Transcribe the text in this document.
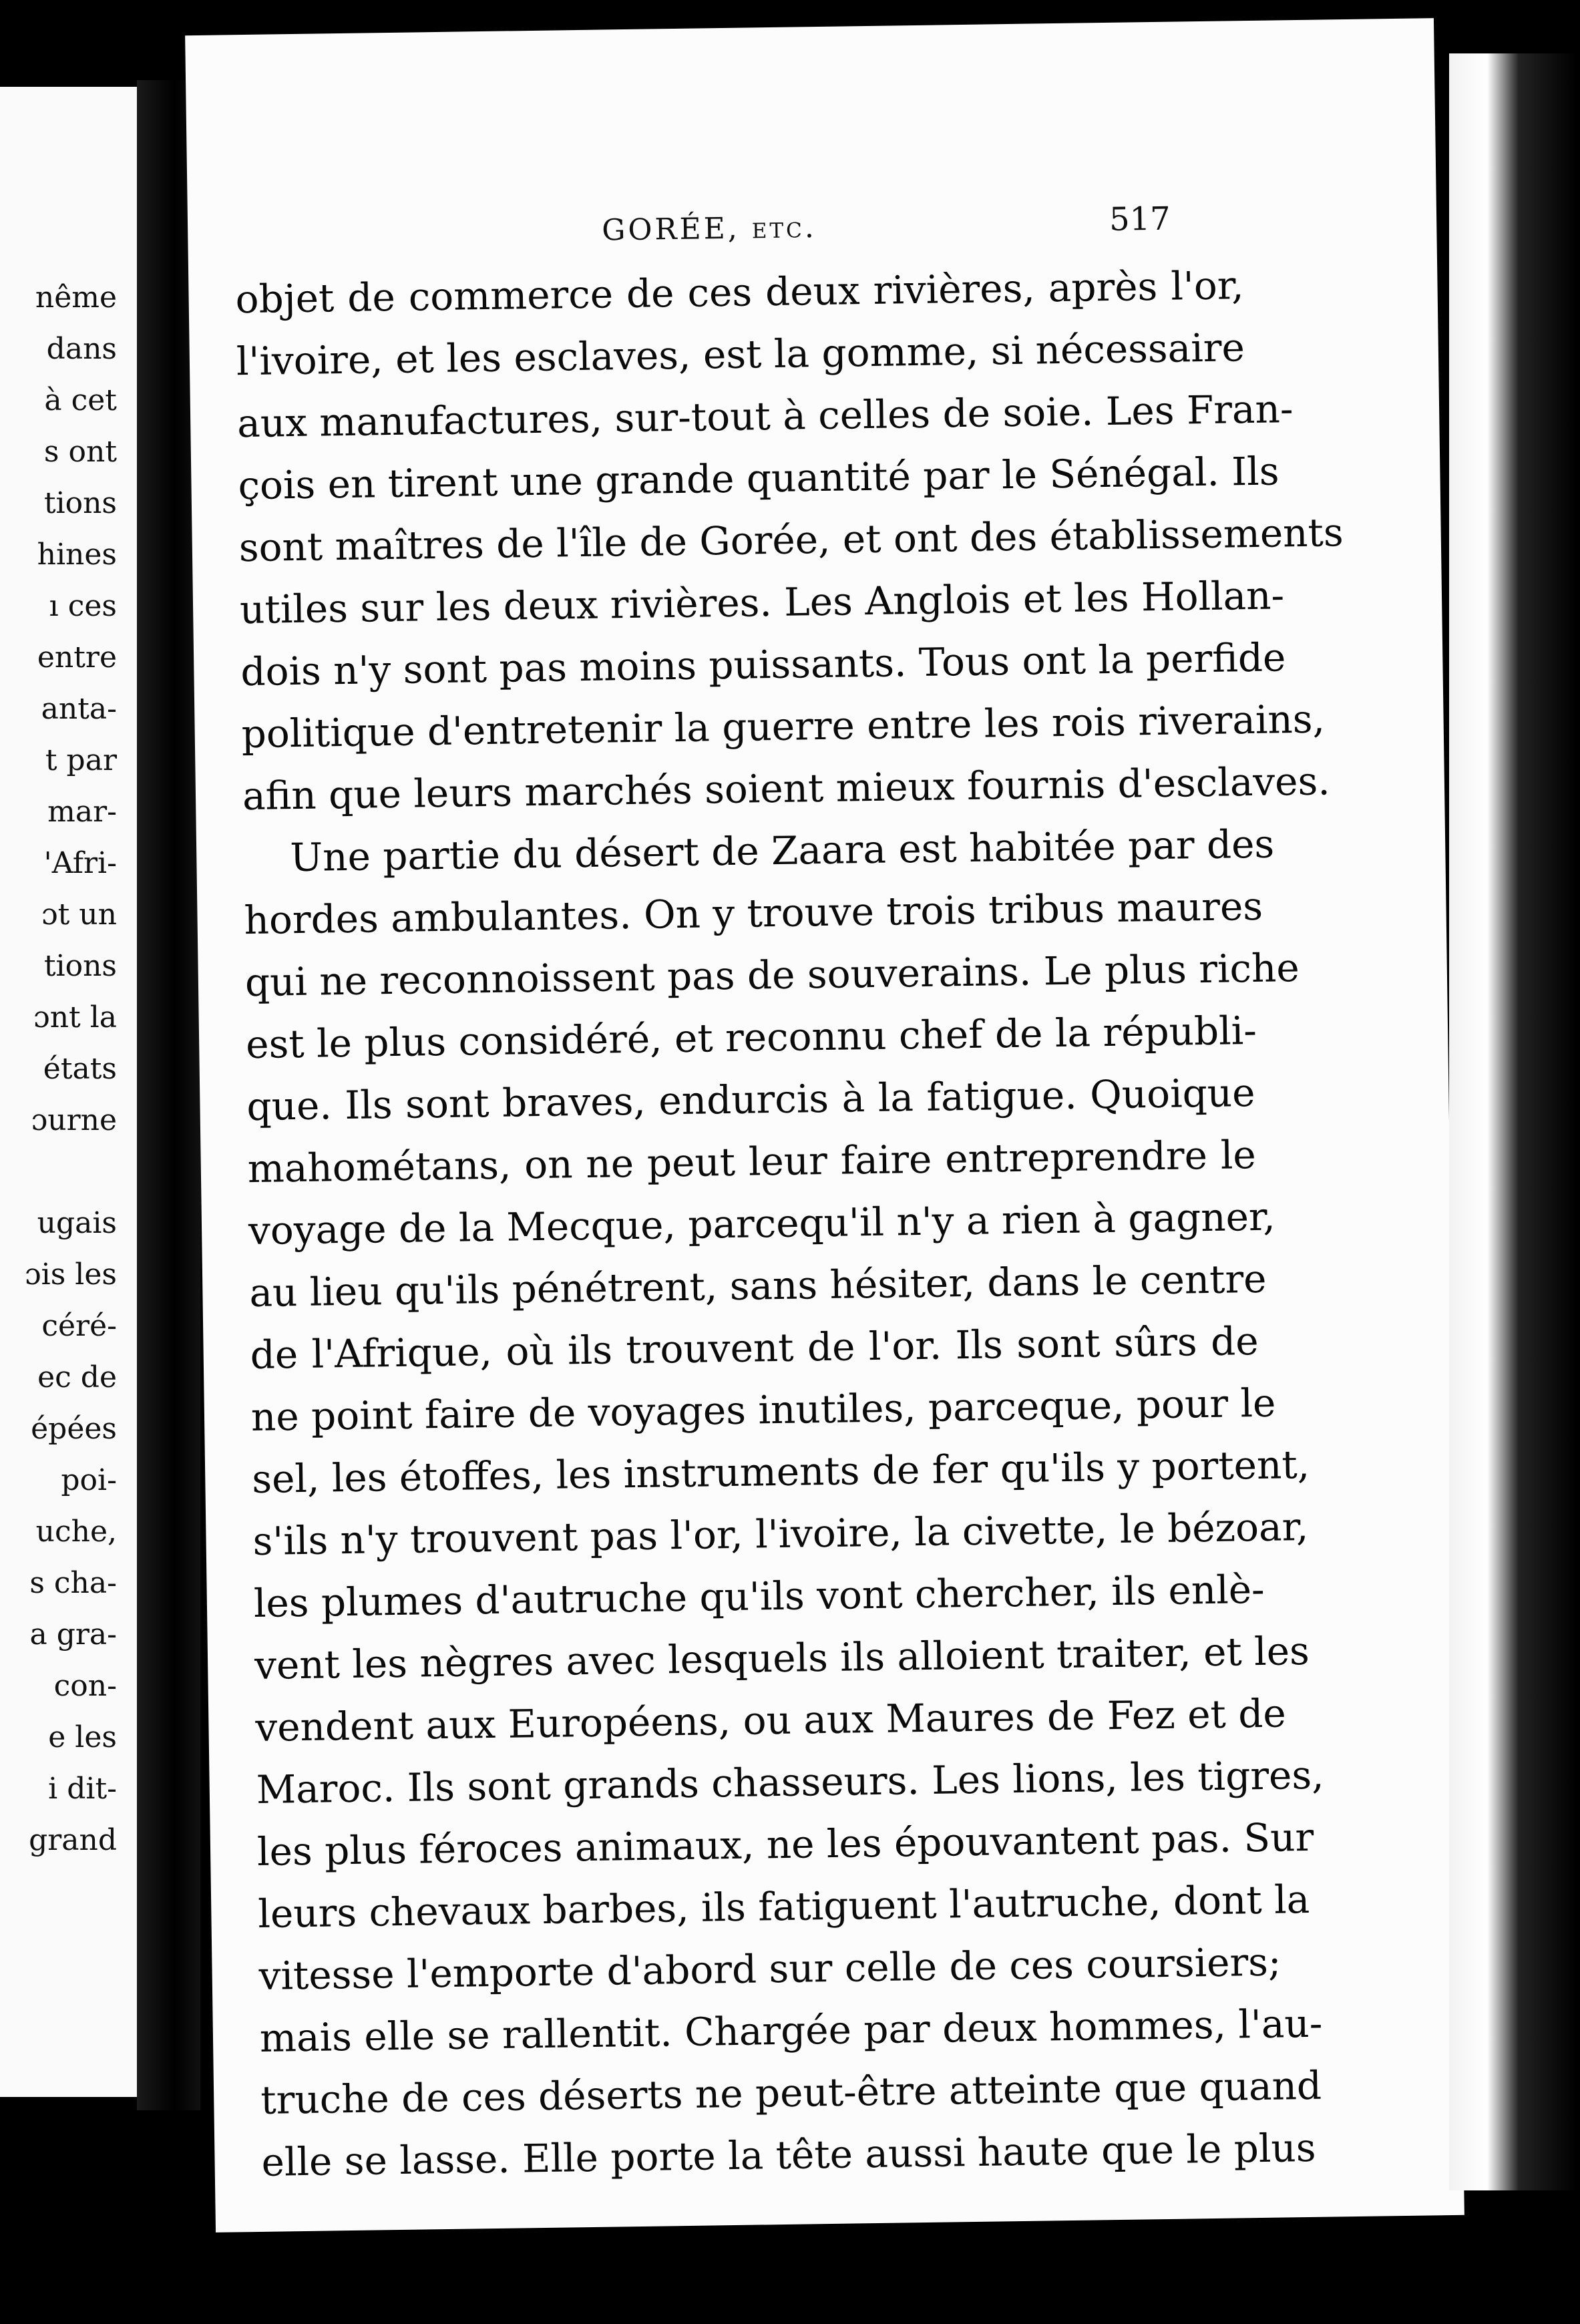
nême
dans
à cet
s ont
tions
hines
ı ces
entre
anta-
t par
mar-
'Afri-
ɔt un
tions
ɔnt la
états
ɔurne
ugais
ɔis les
céré-
ec de
épées
poi-
uche,
s cha-
a gra-
con-
e les
i dit-
grand
GORÉE, etc.	517
objet de commerce de ces deux rivières, après l'or,
l'ivoire, et les esclaves, est la gomme, si nécessaire
aux manufactures, sur-tout à celles de soie. Les Fran-
çois en tirent une grande quantité par le Sénégal. Ils
sont maîtres de l'île de Gorée, et ont des établissements
utiles sur les deux rivières. Les Anglois et les Hollan-
dois n'y sont pas moins puissants. Tous ont la perfide
politique d'entretenir la guerre entre les rois riverains,
afin que leurs marchés soient mieux fournis d'esclaves.
Une partie du désert de Zaara est habitée par des
hordes ambulantes. On y trouve trois tribus maures
qui ne reconnoissent pas de souverains. Le plus riche
est le plus considéré, et reconnu chef de la républi-
que. Ils sont braves, endurcis à la fatigue. Quoique
mahométans, on ne peut leur faire entreprendre le
voyage de la Mecque, parcequ'il n'y a rien à gagner,
au lieu qu'ils pénétrent, sans hésiter, dans le centre
de l'Afrique, où ils trouvent de l'or. Ils sont sûrs de
ne point faire de voyages inutiles, parceque, pour le
sel, les étoffes, les instruments de fer qu'ils y portent,
s'ils n'y trouvent pas l'or, l'ivoire, la civette, le bézoar,
les plumes d'autruche qu'ils vont chercher, ils enlè-
vent les nègres avec lesquels ils alloient traiter, et les
vendent aux Européens, ou aux Maures de Fez et de
Maroc. Ils sont grands chasseurs. Les lions, les tigres,
les plus féroces animaux, ne les épouvantent pas. Sur
leurs chevaux barbes, ils fatiguent l'autruche, dont la
vitesse l'emporte d'abord sur celle de ces coursiers;
mais elle se rallentit. Chargée par deux hommes, l'au-
truche de ces déserts ne peut-être atteinte que quand
elle se lasse. Elle porte la tête aussi haute que le plus
